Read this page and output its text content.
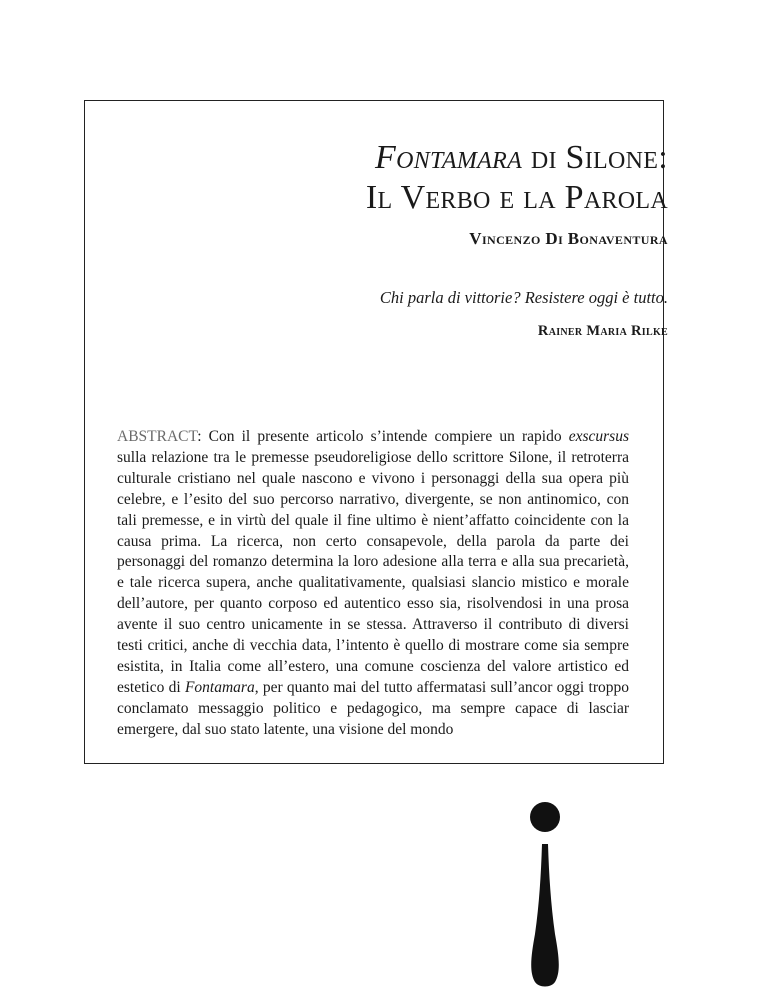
Fontamara di Silone:
Il Verbo e la Parola
Vincenzo Di Bonaventura
Chi parla di vittorie? Resistere oggi è tutto.
Rainer Maria Rilke

ABSTRACT: Con il presente articolo s’intende compiere un rapido exscursus sulla relazione tra le premesse pseudoreligiose dello scrittore Silone, il retroterra culturale cristiano nel quale nascono e vivono i personaggi della sua opera più celebre, e l’esito del suo percorso narrativo, divergente, se non antinomico, con tali premesse, e in virtù del quale il fine ultimo è nient’affatto coincidente con la causa prima. La ricerca, non certo consapevole, della parola da parte dei personaggi del romanzo determina la loro adesione alla terra e alla sua precarietà, e tale ricerca supera, anche qualitativamente, qualsiasi slancio mistico e morale dell’autore, per quanto corposo ed autentico esso sia, risolvendosi in una prosa avente il suo centro unicamente in se stessa. Attraverso il contributo di diversi testi critici, anche di vecchia data, l’intento è quello di mostrare come sia sempre esistita, in Italia come all’estero, una comune coscienza del valore artistico ed estetico di Fontamara, per quanto mai del tutto affermatasi sull’ancor oggi troppo conclamato messaggio politico e pedagogico, ma sempre capace di lasciar emergere, dal suo stato latente, una visione del mondo
